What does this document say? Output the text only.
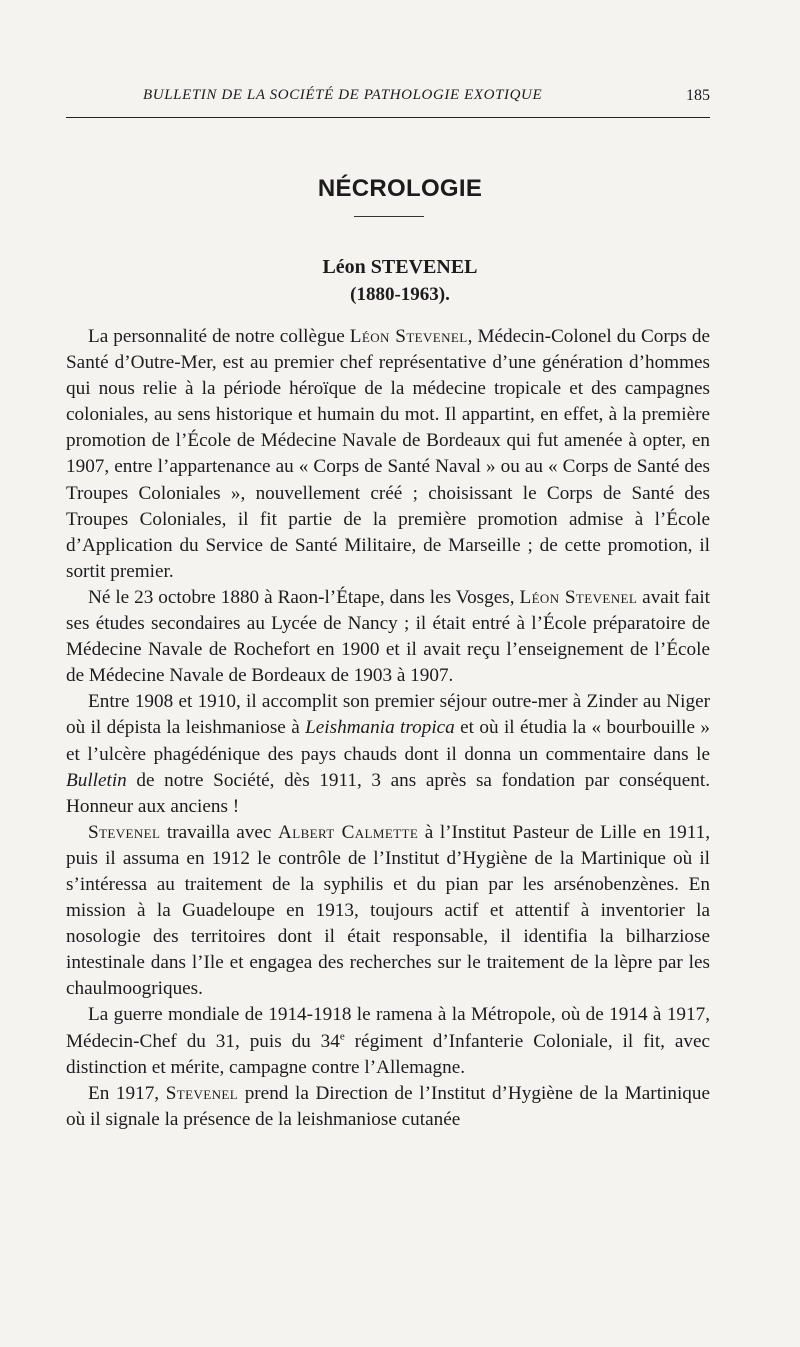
BULLETIN DE LA SOCIÉTÉ DE PATHOLOGIE EXOTIQUE	185
NÉCROLOGIE
Léon STEVENEL
(1880-1963).

La personnalité de notre collègue Léon Stevenel, Médecin-Colonel du Corps de Santé d’Outre-Mer, est au premier chef représentative d’une génération d’hommes qui nous relie à la période héroïque de la médecine tropicale et des campagnes coloniales, au sens historique et humain du mot. Il appartint, en effet, à la première promotion de l’École de Médecine Navale de Bordeaux qui fut amenée à opter, en 1907, entre l’appartenance au « Corps de Santé Naval » ou au « Corps de Santé des Troupes Coloniales », nouvellement créé ; choisissant le Corps de Santé des Troupes Coloniales, il fit partie de la première promotion admise à l’École d’Application du Service de Santé Militaire, de Marseille ; de cette promotion, il sortit premier.

Né le 23 octobre 1880 à Raon-l’Étape, dans les Vosges, Léon Stevenel avait fait ses études secondaires au Lycée de Nancy ; il était entré à l’École préparatoire de Médecine Navale de Rochefort en 1900 et il avait reçu l’enseignement de l’École de Médecine Navale de Bordeaux de 1903 à 1907.

Entre 1908 et 1910, il accomplit son premier séjour outre-mer à Zinder au Niger où il dépista la leishmaniose à Leishmania tropica et où il étudia la « bourbouille » et l’ulcère phagédénique des pays chauds dont il donna un commentaire dans le Bulletin de notre Société, dès 1911, 3 ans après sa fondation par conséquent. Honneur aux anciens !

Stevenel travailla avec Albert Calmette à l’Institut Pasteur de Lille en 1911, puis il assuma en 1912 le contrôle de l’Institut d’Hygiène de la Martinique où il s’intéressa au traitement de la syphilis et du pian par les arsénobenzènes. En mission à la Guadeloupe en 1913, toujours actif et attentif à inventorier la nosologie des territoires dont il était responsable, il identifia la bilharziose intestinale dans l’Ile et engagea des recherches sur le traitement de la lèpre par les chaulmoogriques.

La guerre mondiale de 1914-1918 le ramena à la Métropole, où de 1914 à 1917, Médecin-Chef du 31, puis du 34e régiment d’Infanterie Coloniale, il fit, avec distinction et mérite, campagne contre l’Allemagne.

En 1917, Stevenel prend la Direction de l’Institut d’Hygiène de la Martinique où il signale la présence de la leishmaniose cutanée
